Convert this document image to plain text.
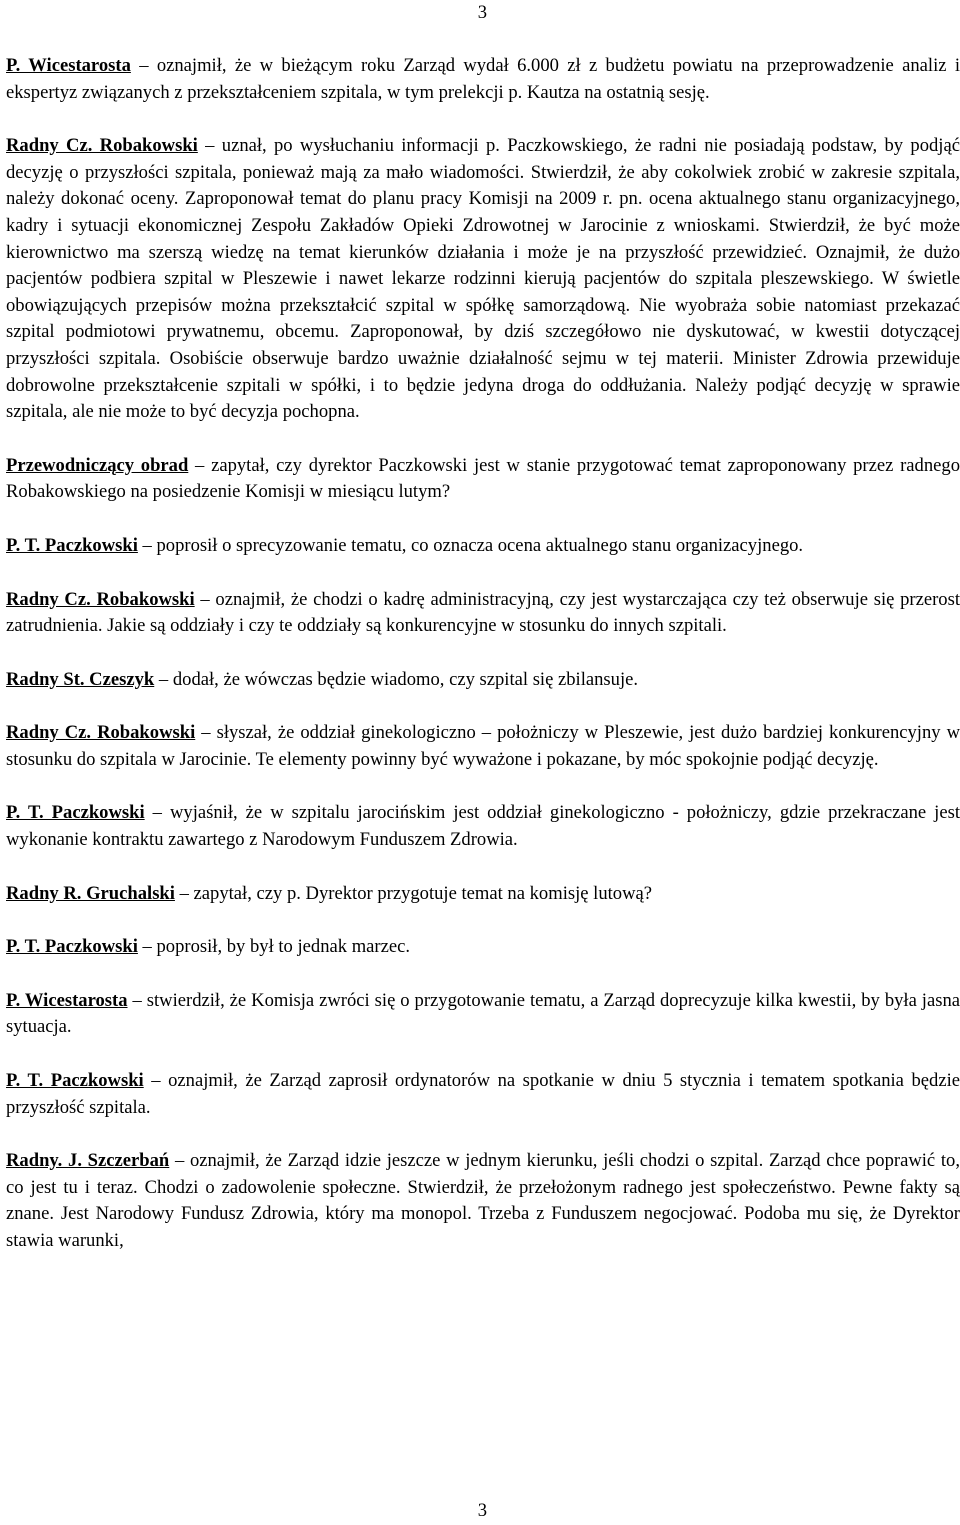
3

P. Wicestarosta – oznajmił, że w bieżącym roku Zarząd wydał 6.000 zł z budżetu powiatu na przeprowadzenie analiz i ekspertyz związanych z przekształceniem szpitala, w tym prelekcji p. Kautza na ostatnią sesję.

Radny Cz. Robakowski – uznał, po wysłuchaniu informacji p. Paczkowskiego, że radni nie posiadają podstaw, by podjąć decyzję o przyszłości szpitala, ponieważ mają za mało wiadomości. Stwierdził, że aby cokolwiek zrobić w zakresie szpitala, należy dokonać oceny. Zaproponował temat do planu pracy Komisji na 2009 r. pn. ocena aktualnego stanu organizacyjnego, kadry i sytuacji ekonomicznej Zespołu Zakładów Opieki Zdrowotnej w Jarocinie z wnioskami. Stwierdził, że być może kierownictwo ma szerszą wiedzę na temat kierunków działania i może je na przyszłość przewidzieć. Oznajmił, że dużo pacjentów podbiera szpital w Pleszewie i nawet lekarze rodzinni kierują pacjentów do szpitala pleszewskiego. W świetle obowiązujących przepisów można przekształcić szpital w spółkę samorządową. Nie wyobraża sobie natomiast przekazać szpital podmiotowi prywatnemu, obcemu. Zaproponował, by dziś szczegółowo nie dyskutować, w kwestii dotyczącej przyszłości szpitala. Osobiście obserwuje bardzo uważnie działalność sejmu w tej materii. Minister Zdrowia przewiduje dobrowolne przekształcenie szpitali w spółki, i to będzie jedyna droga do oddłużania. Należy podjąć decyzję w sprawie szpitala, ale nie może to być decyzja pochopna.

Przewodniczący obrad – zapytał, czy dyrektor Paczkowski jest w stanie przygotować temat zaproponowany przez radnego Robakowskiego na posiedzenie Komisji w miesiącu lutym?

P. T. Paczkowski – poprosił o sprecyzowanie tematu, co oznacza ocena aktualnego stanu organizacyjnego.

Radny Cz. Robakowski – oznajmił, że chodzi o kadrę administracyjną, czy jest wystarczająca czy też obserwuje się przerost zatrudnienia. Jakie są oddziały i czy te oddziały są konkurencyjne w stosunku do innych szpitali.

Radny St. Czeszyk – dodał, że wówczas będzie wiadomo, czy szpital się zbilansuje.

Radny Cz. Robakowski – słyszał, że oddział ginekologiczno – położniczy w Pleszewie, jest dużo bardziej konkurencyjny w stosunku do szpitala w Jarocinie. Te elementy powinny być wyważone i pokazane, by móc spokojnie podjąć decyzję.

P. T. Paczkowski – wyjaśnił, że w szpitalu jarocińskim jest oddział ginekologiczno - położniczy, gdzie przekraczane jest wykonanie kontraktu zawartego z Narodowym Funduszem Zdrowia.

Radny R. Gruchalski – zapytał, czy p. Dyrektor przygotuje temat na komisję lutową?

P. T. Paczkowski – poprosił, by był to jednak marzec.

P. Wicestarosta – stwierdził, że Komisja zwróci się o przygotowanie tematu, a Zarząd doprecyzuje kilka kwestii, by była jasna sytuacja.

P. T. Paczkowski – oznajmił, że Zarząd zaprosił ordynatorów na spotkanie w dniu 5 stycznia i tematem spotkania będzie przyszłość szpitala.

Radny. J. Szczerbań – oznajmił, że Zarząd idzie jeszcze w jednym kierunku, jeśli chodzi o szpital. Zarząd chce poprawić to, co jest tu i teraz. Chodzi o zadowolenie społeczne. Stwierdził, że przełożonym radnego jest społeczeństwo. Pewne fakty są znane. Jest Narodowy Fundusz Zdrowia, który ma monopol. Trzeba z Funduszem negocjować. Podoba mu się, że Dyrektor stawia warunki,

3
